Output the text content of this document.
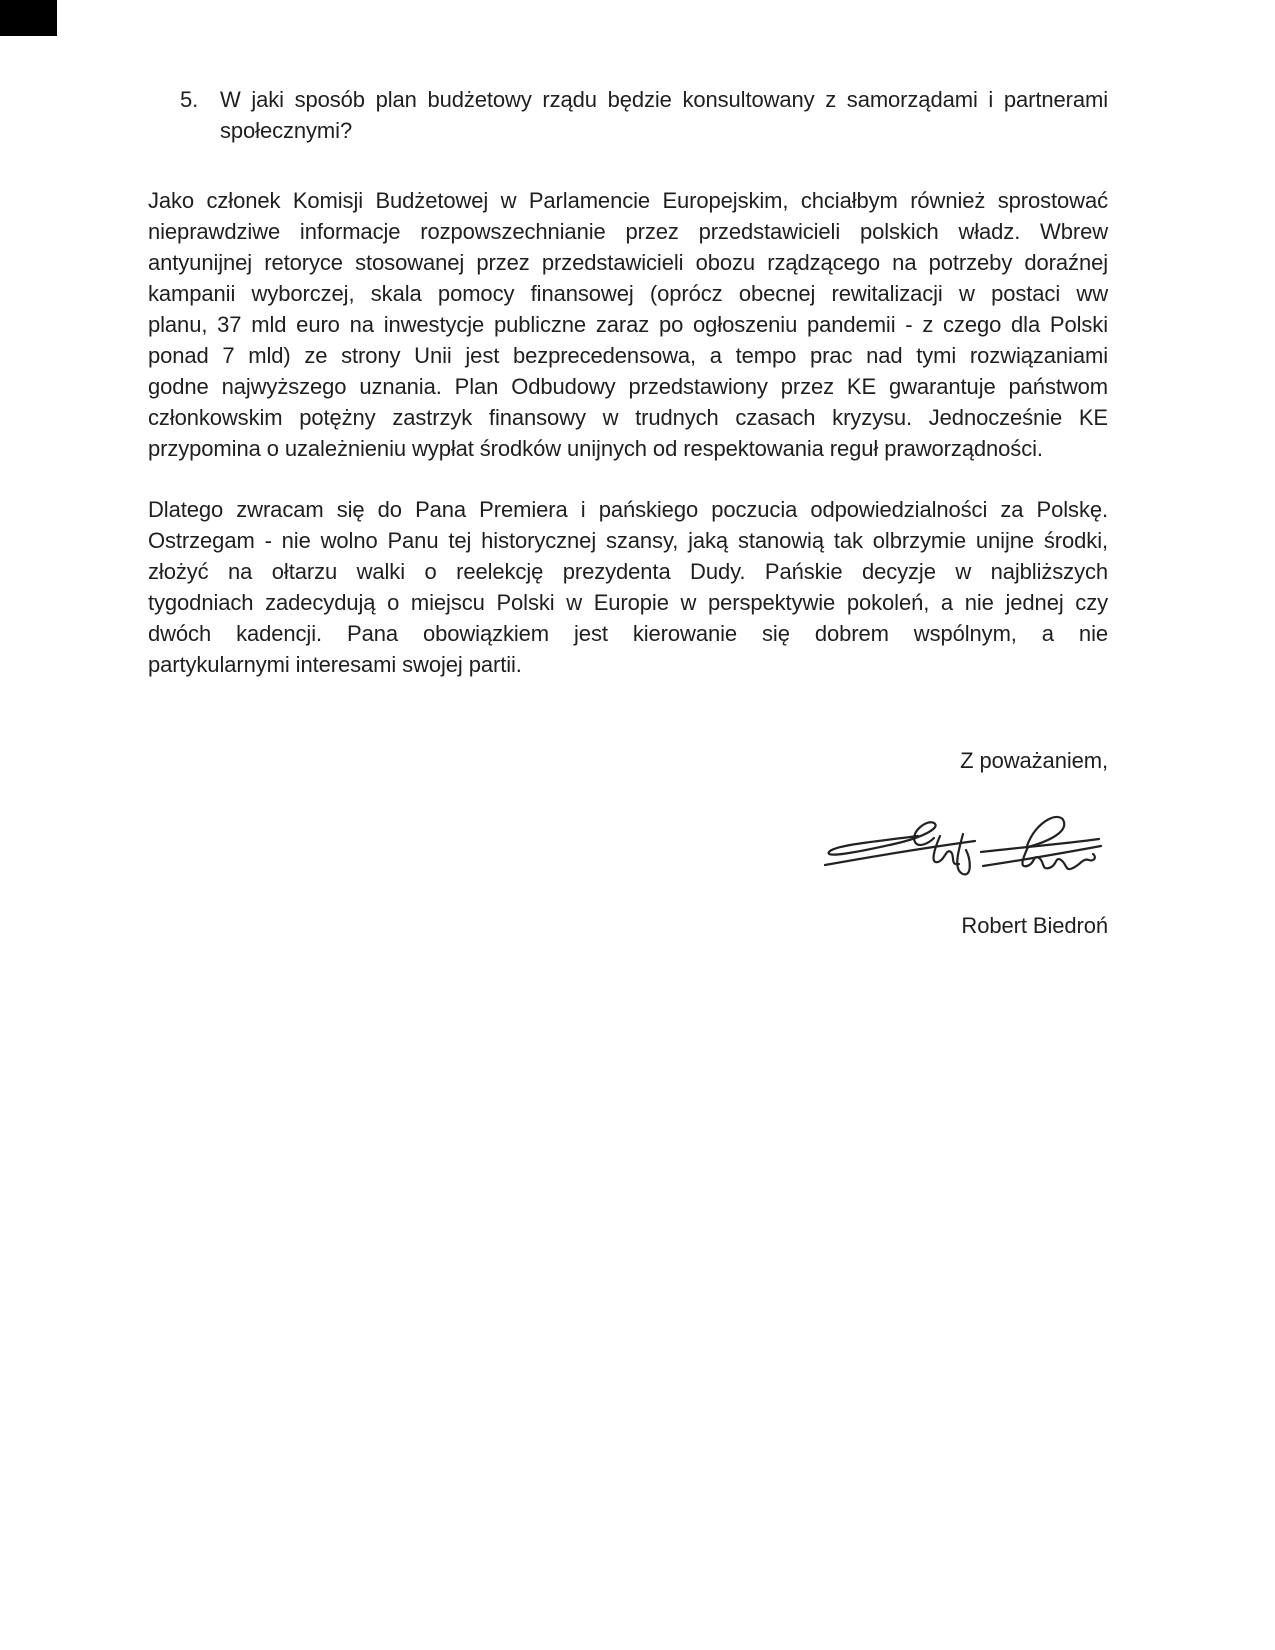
5. W jaki sposób plan budżetowy rządu będzie konsultowany z samorządami i partnerami
społecznymi?
Jako członek Komisji Budżetowej w Parlamencie Europejskim, chciałbym również sprostować
nieprawdziwe informacje rozpowszechnianie przez przedstawicieli polskich władz. Wbrew
antyunijnej retoryce stosowanej przez przedstawicieli obozu rządzącego na potrzeby doraźnej
kampanii wyborczej, skala pomocy finansowej (oprócz obecnej rewitalizacji w postaci ww
planu, 37 mld euro na inwestycje publiczne zaraz po ogłoszeniu pandemii - z czego dla Polski
ponad 7 mld) ze strony Unii jest bezprecedensowa, a tempo prac nad tymi rozwiązaniami
godne najwyższego uznania. Plan Odbudowy przedstawiony przez KE gwarantuje państwom
członkowskim potężny zastrzyk finansowy w trudnych czasach kryzysu. Jednocześnie KE
przypomina o uzależnieniu wypłat środków unijnych od respektowania reguł praworządności.
Dlatego zwracam się do Pana Premiera i pańskiego poczucia odpowiedzialności za Polskę.
Ostrzegam - nie wolno Panu tej historycznej szansy, jaką stanowią tak olbrzymie unijne środki,
złożyć na ołtarzu walki o reelekcję prezydenta Dudy. Pańskie decyzje w najbliższych
tygodniach zadecydują o miejscu Polski w Europie w perspektywie pokoleń, a nie jednej czy
dwóch kadencji. Pana obowiązkiem jest kierowanie się dobrem wspólnym, a nie
partykularnymi interesami swojej partii.
Z poważaniem,
Robert Biedroń
